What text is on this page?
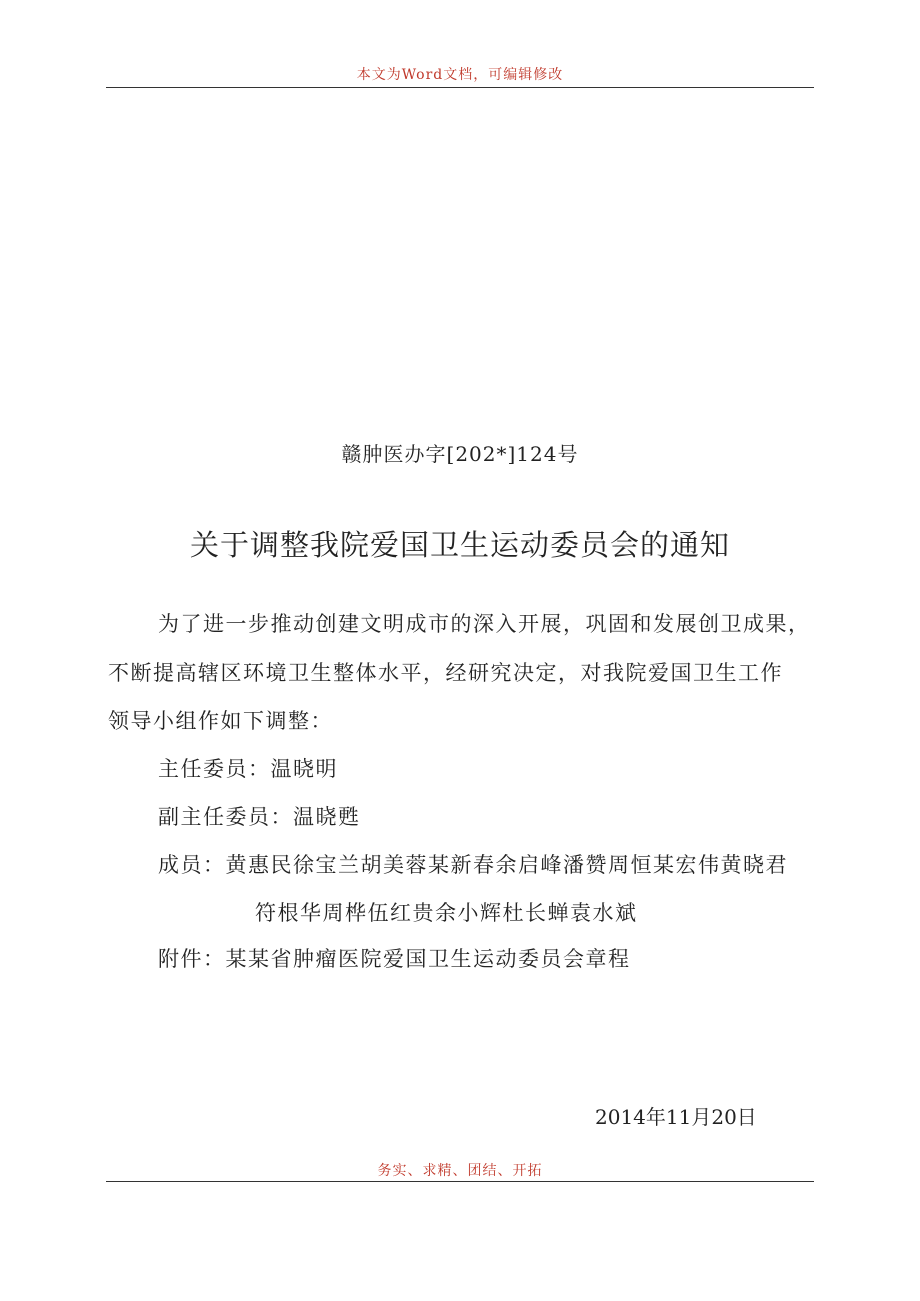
本文为Word文档，可编辑修改
赣肿医办字[202*]124号
关于调整我院爱国卫生运动委员会的通知
为了进一步推动创建文明成市的深入开展，巩固和发展创卫成果，
不断提高辖区环境卫生整体水平，经研究决定，对我院爱国卫生工作
领导小组作如下调整：
主任委员：温晓明
副主任委员：温晓甦
成员：黄惠民徐宝兰胡美蓉某新春余启峰潘赞周恒某宏伟黄晓君
符根华周桦伍红贵余小辉杜长蝉袁水斌
附件：某某省肿瘤医院爱国卫生运动委员会章程
2014年11月20日
务实、求精、团结、开拓
